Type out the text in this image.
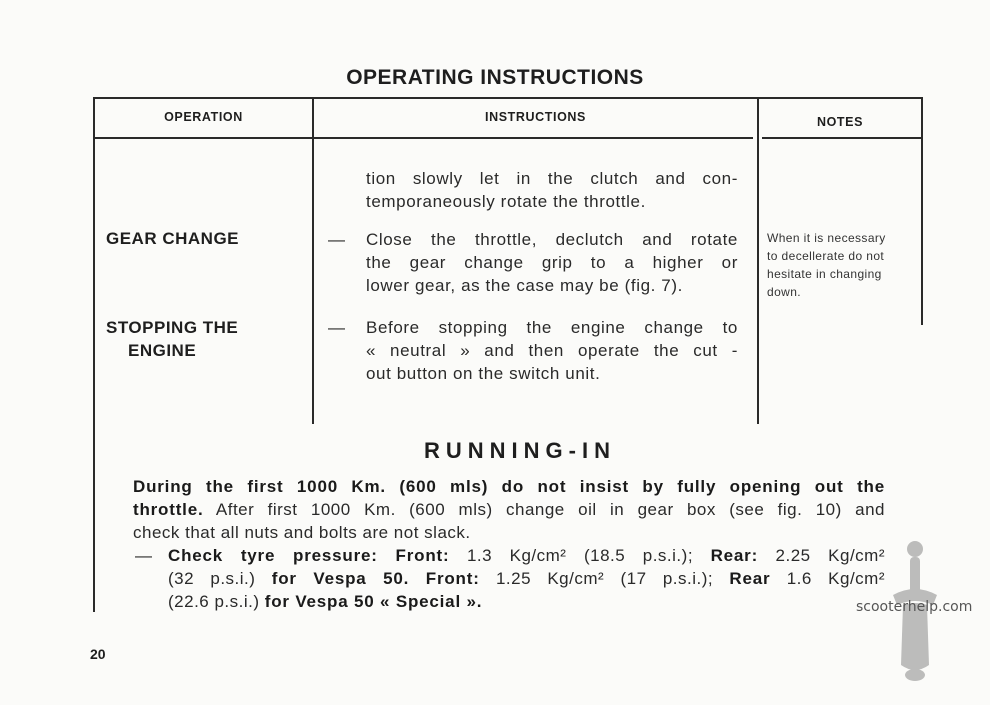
OPERATING INSTRUCTIONS
OPERATION	INSTRUCTIONS	NOTES
tion slowly let in the clutch and con-
temporaneously rotate the throttle.
GEAR CHANGE	— Close the throttle, declutch and rotate
the gear change grip to a higher or
lower gear, as the case may be (fig. 7).
When it is necessary
to decellerate do not
hesitate in changing
down.
STOPPING THE
ENGINE
— Before stopping the engine change to
« neutral » and then operate the cut -
out button on the switch unit.
RUNNING-IN
During the first 1000 Km. (600 mls) do not insist by fully opening out the
throttle. After first 1000 Km. (600 mls) change oil in gear box (see fig. 10) and
check that all nuts and bolts are not slack.
— Check tyre pressure: Front: 1.3 Kg/cm² (18.5 p.s.i.); Rear: 2.25 Kg/cm²
(32 p.s.i.) for Vespa 50. Front: 1.25 Kg/cm² (17 p.s.i.); Rear 1.6 Kg/cm²
(22.6 p.s.i.) for Vespa 50 « Special ».
20
scooterhelp.com
